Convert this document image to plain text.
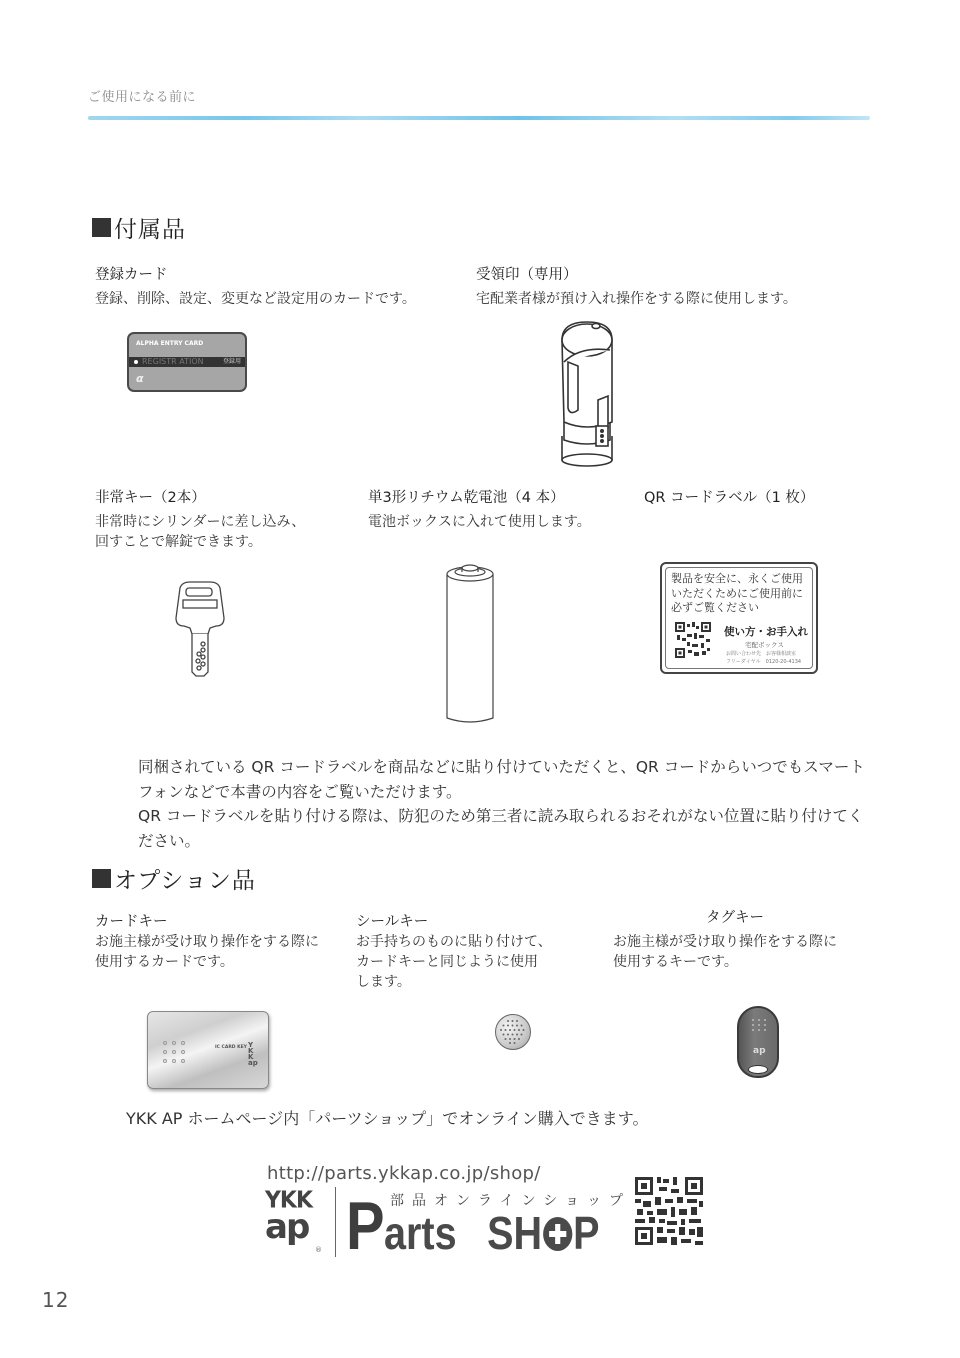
ご使用になる前に
付属品
登録カード
登録、削除、設定、変更など設定用のカードです。
ALPHA ENTRY CARD
REGISTR ATION	登録用
α
受領印（専用）
宅配業者様が預け入れ操作をする際に使用します。
非常キー（2本）
非常時にシリンダーに差し込み、
回すことで解錠できます。
単3形リチウム乾電池（4 本）
電池ボックスに入れて使用します。
QR コードラベル（1 枚）
製品を安全に、永くご使用
いただくためにご使用前に
必ずご覧ください
使い方・お手入れ
宅配ボックス
お問い合わせ先　お客様相談室
フリーダイヤル　0120-20-4134

同梱されている QR コードラベルを商品などに貼り付けていただくと、QR コードからいつでもスマートフォンなどで本書の内容をご覧いただけます。

QR コードラベルを貼り付ける際は、防犯のため第三者に読み取られるおそれがない位置に貼り付けてください。

オプション品
カードキー
お施主様が受け取り操作をする際に
使用するカードです。
IC CARD KEY YKK ap
シールキー
お手持ちのものに貼り付けて、
カードキーと同じように使用
します。
タグキー
お施主様が受け取り操作をする際に
使用するキーです。
ap
YKK AP ホームページ内「パーツショップ」でオンライン購入できます。
http://parts.ykkap.co.jp/shop/
YKK
ap
® P 部品オンラインショップ
arts SH P
12
